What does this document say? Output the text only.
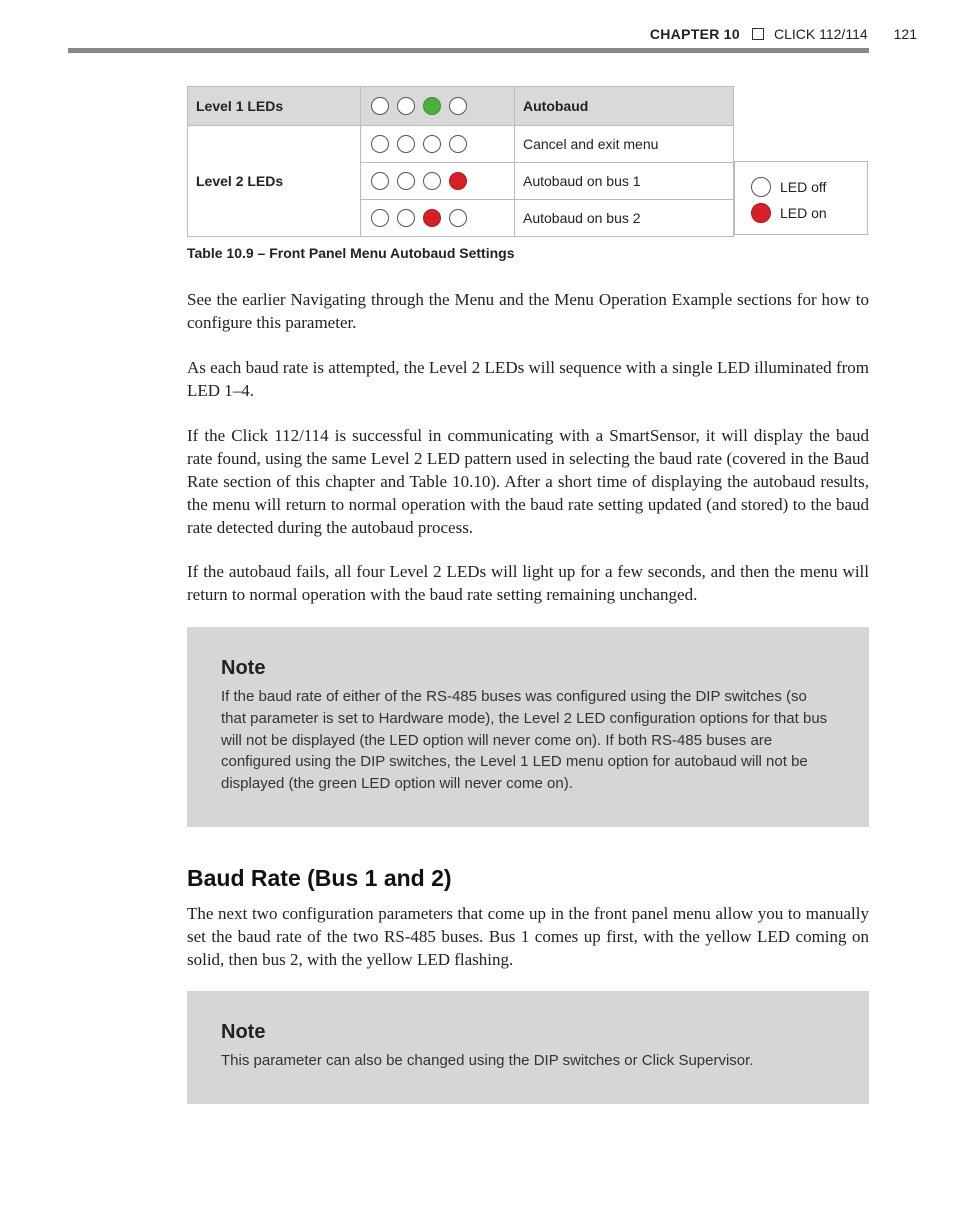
CHAPTER 10 CLICK 112/114 121
Level 1 LEDs		Autobaud
Level 2 LEDs		Cancel and exit menu
		Autobaud on bus 1
		Autobaud on bus 2
LED off
LED on
Table 10.9 – Front Panel Menu Autobaud Settings

See the earlier Navigating through the Menu and the Menu Operation Example sections for how to configure this parameter.

As each baud rate is attempted, the Level 2 LEDs will sequence with a single LED illuminated from LED 1–4.

If the Click 112/114 is successful in communicating with a SmartSensor, it will display the baud rate found, using the same Level 2 LED pattern used in selecting the baud rate (covered in the Baud Rate section of this chapter and Table 10.10). After a short time of displaying the autobaud results, the menu will return to normal operation with the baud rate setting updated (and stored) to the baud rate detected during the autobaud process.

If the autobaud fails, all four Level 2 LEDs will light up for a few seconds, and then the menu will return to normal operation with the baud rate setting remaining unchanged.

Note

If the baud rate of either of the RS-485 buses was configured using the DIP switches (so that parameter is set to Hardware mode), the Level 2 LED configuration options for that bus will not be displayed (the LED option will never come on). If both RS-485 buses are configured using the DIP switches, the Level 1 LED menu option for autobaud will not be displayed (the green LED option will never come on).

Baud Rate (Bus 1 and 2)

The next two configuration parameters that come up in the front panel menu allow you to manually set the baud rate of the two RS-485 buses. Bus 1 comes up first, with the yellow LED coming on solid, then bus 2, with the yellow LED flashing.

Note

This parameter can also be changed using the DIP switches or Click Supervisor.
